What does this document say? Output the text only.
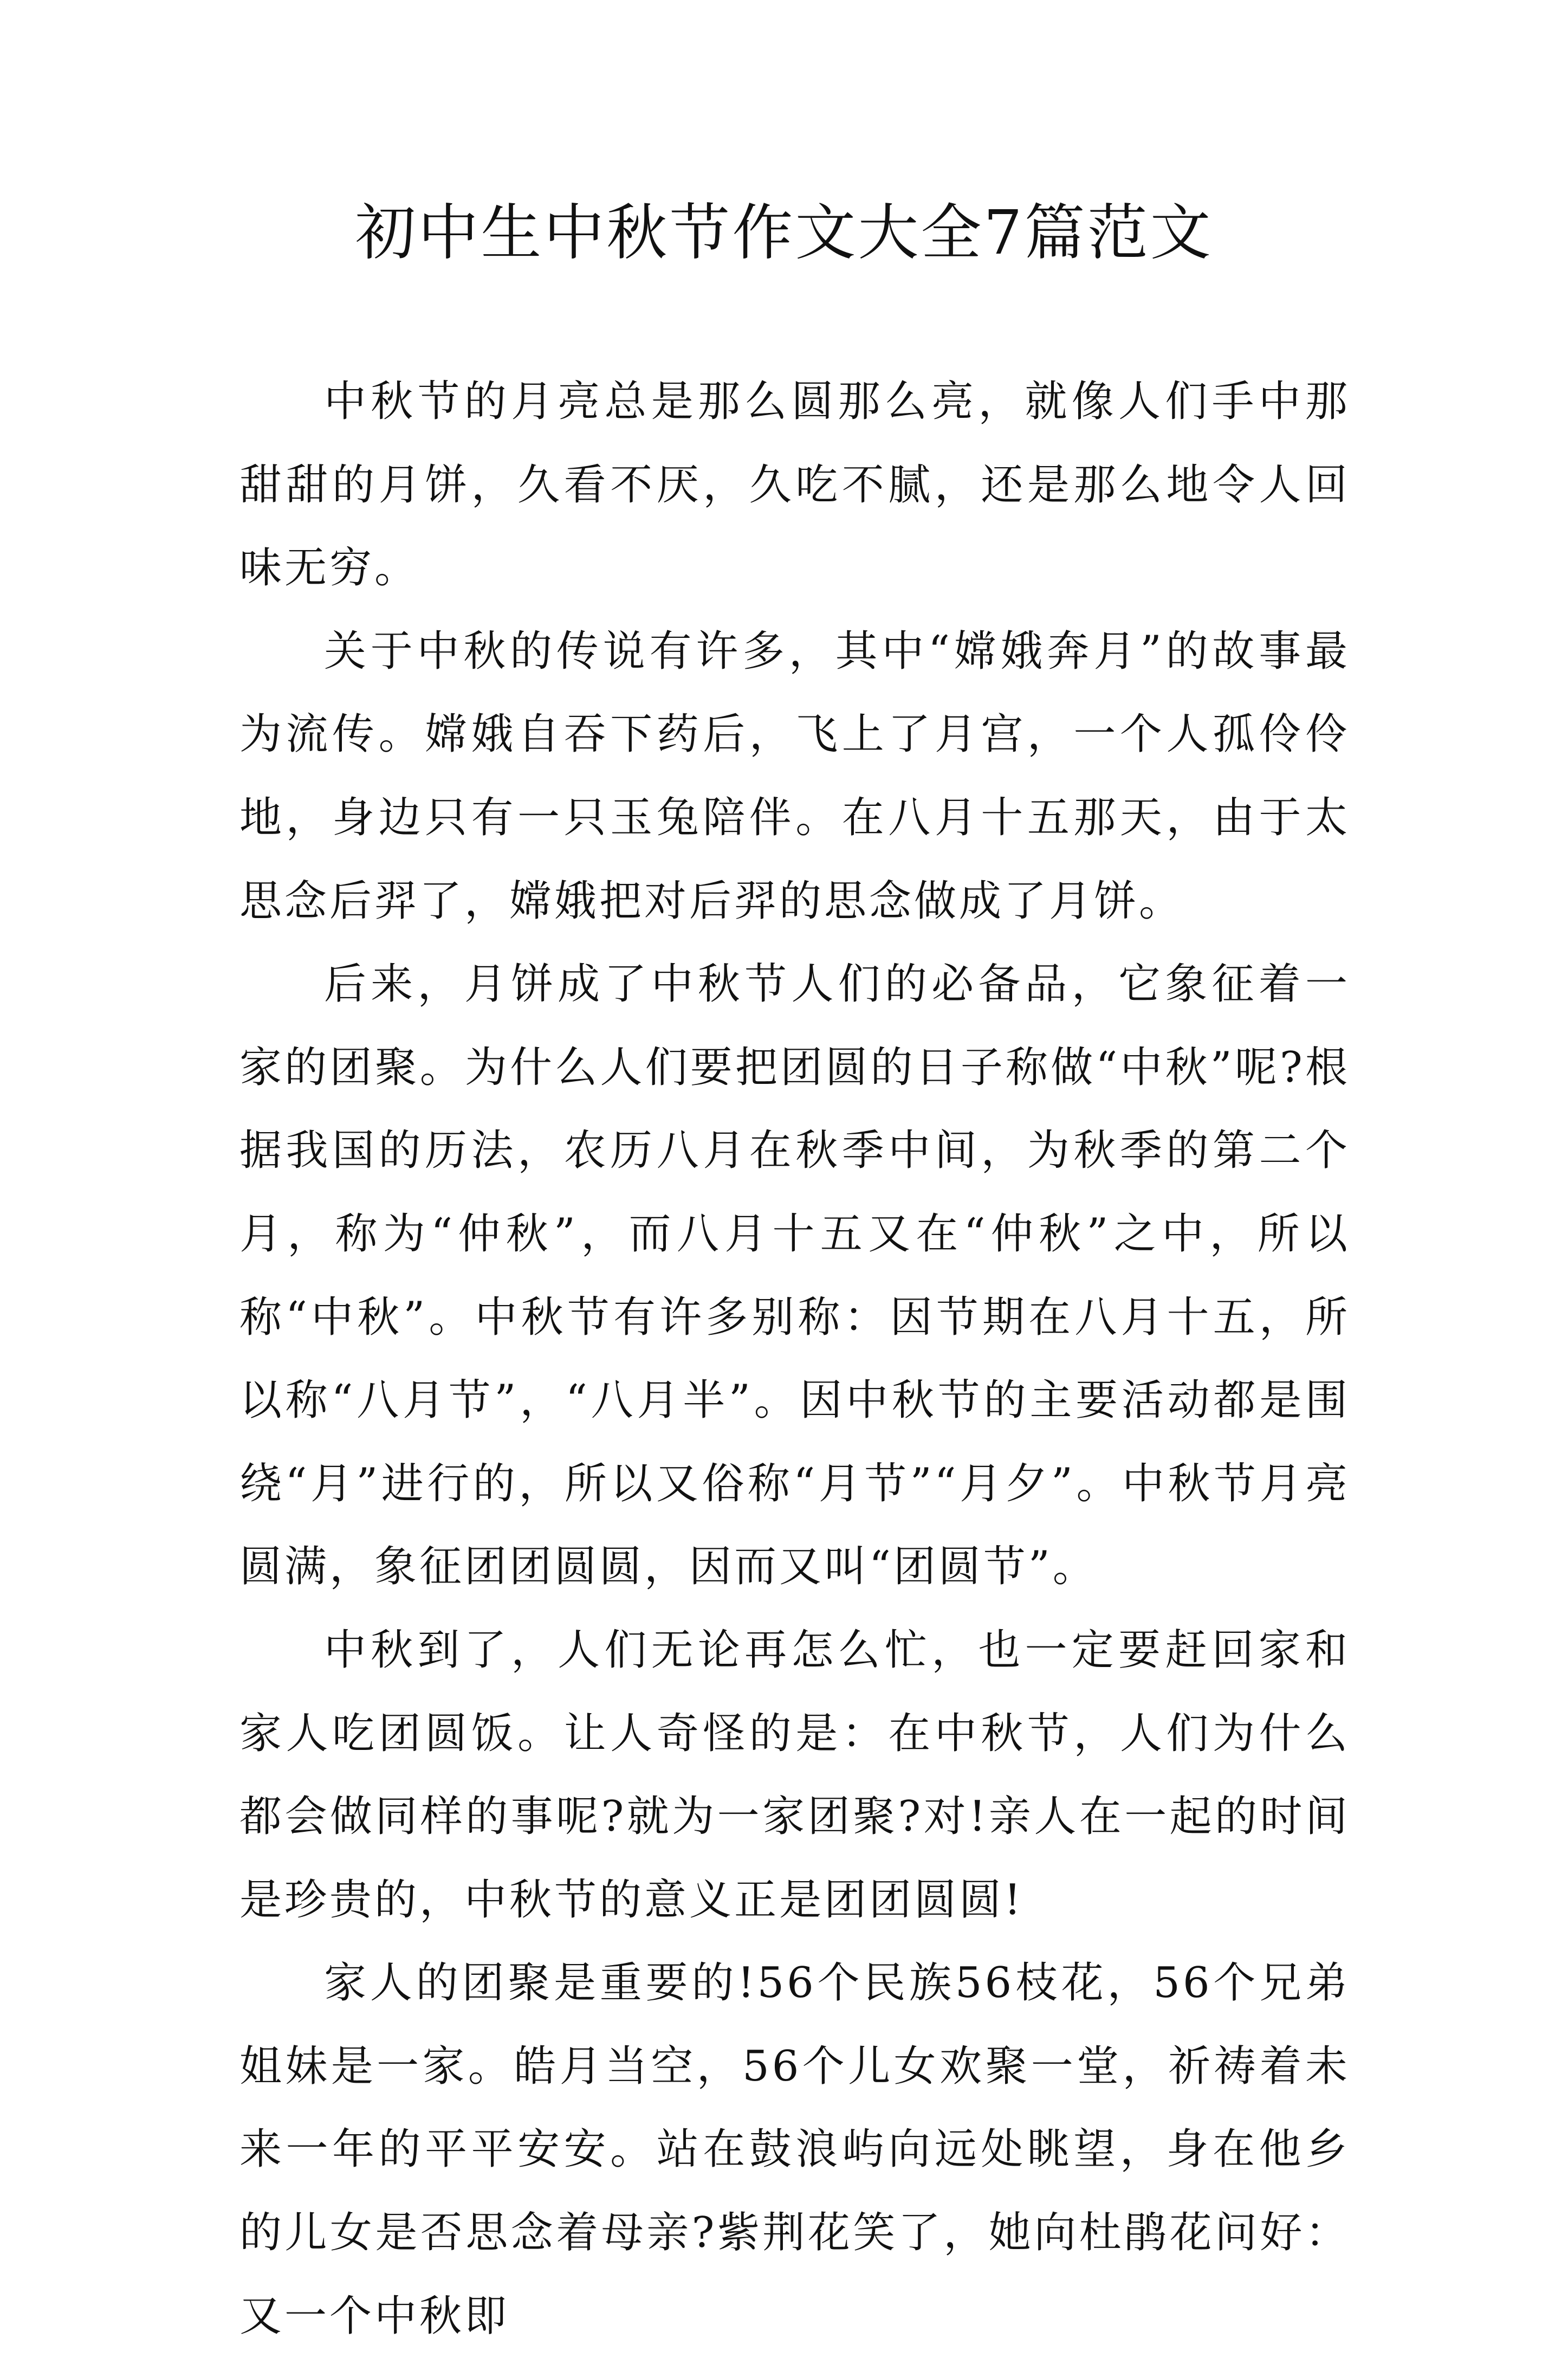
初中生中秋节作文大全7篇范文

中秋节的月亮总是那么圆那么亮，就像人们手中那甜甜的月饼，久看不厌，久吃不腻，还是那么地令人回味无穷。

关于中秋的传说有许多，其中“嫦娥奔月”的故事最为流传。嫦娥自吞下药后，飞上了月宫，一个人孤伶伶地，身边只有一只玉兔陪伴。在八月十五那天，由于太思念后羿了，嫦娥把对后羿的思念做成了月饼。

后来，月饼成了中秋节人们的必备品，它象征着一家的团聚。为什么人们要把团圆的日子称做“中秋”呢?根据我国的历法，农历八月在秋季中间，为秋季的第二个月，称为“仲秋”，而八月十五又在“仲秋”之中，所以称“中秋”。中秋节有许多别称：因节期在八月十五，所以称“八月节”，“八月半”。因中秋节的主要活动都是围绕“月”进行的，所以又俗称“月节”“月夕”。中秋节月亮圆满，象征团团圆圆，因而又叫“团圆节”。

中秋到了，人们无论再怎么忙，也一定要赶回家和家人吃团圆饭。让人奇怪的是：在中秋节，人们为什么都会做同样的事呢?就为一家团聚?对!亲人在一起的时间是珍贵的，中秋节的意义正是团团圆圆!

家人的团聚是重要的!56个民族56枝花，56个兄弟姐妹是一家。皓月当空，56个儿女欢聚一堂，祈祷着未来一年的平平安安。站在鼓浪屿向远处眺望，身在他乡的儿女是否思念着母亲?紫荆花笑了，她向杜鹃花问好：又一个中秋即
